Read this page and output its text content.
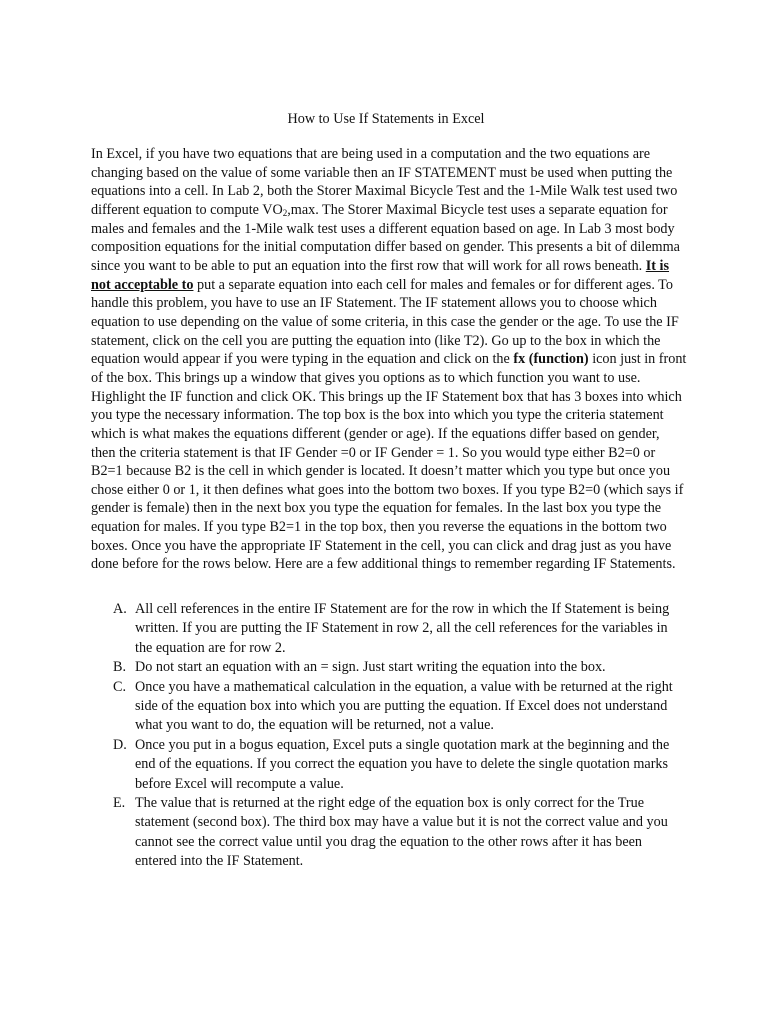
How to Use If Statements in Excel

In Excel, if you have two equations that are being used in a computation and the two equations are changing based on the value of some variable then an IF STATEMENT must be used when putting the equations into a cell. In Lab 2, both the Storer Maximal Bicycle Test and the 1-Mile Walk test used two different equation to compute $VO_2,\max$. The Storer Maximal Bicycle test uses a separate equation for males and females and the 1-Mile walk test uses a different equation based on age. In Lab 3 most body composition equations for the initial computation differ based on gender. This presents a bit of dilemma since you want to be able to put an equation into the first row that will work for all rows beneath. It is not acceptable to put a separate equation into each cell for males and females or for different ages. To handle this problem, you have to use an IF Statement. The IF statement allows you to choose which equation to use depending on the value of some criteria, in this case the gender or the age. To use the IF statement, click on the cell you are putting the equation into (like T2). Go up to the box in which the equation would appear if you were typing in the equation and click on the fx (function) icon just in front of the box. This brings up a window that gives you options as to which function you want to use. Highlight the IF function and click OK. This brings up the IF Statement box that has 3 boxes into which you type the necessary information. The top box is the box into which you type the criteria statement which is what makes the equations different (gender or age). If the equations differ based on gender, then the criteria statement is that IF Gender =0 or IF Gender = 1. So you would type either B2=0 or B2=1 because B2 is the cell in which gender is located. It doesn’t matter which you type but once you chose either 0 or 1, it then defines what goes into the bottom two boxes. If you type B2=0 (which says if gender is female) then in the next box you type the equation for females. In the last box you type the equation for males. If you type B2=1 in the top box, then you reverse the equations in the bottom two boxes. Once you have the appropriate IF Statement in the cell, you can click and drag just as you have done before for the rows below. Here are a few additional things to remember regarding IF Statements.

A. All cell references in the entire IF Statement are for the row in which the If Statement is being written. If you are putting the IF Statement in row 2, all the cell references for the variables in the equation are for row 2.
B. Do not start an equation with an = sign. Just start writing the equation into the box.
C. Once you have a mathematical calculation in the equation, a value with be returned at the right side of the equation box into which you are putting the equation. If Excel does not understand what you want to do, the equation will be returned, not a value.
D. Once you put in a bogus equation, Excel puts a single quotation mark at the beginning and the end of the equations. If you correct the equation you have to delete the single quotation marks before Excel will recompute a value.
E. The value that is returned at the right edge of the equation box is only correct for the True statement (second box). The third box may have a value but it is not the correct value and you cannot see the correct value until you drag the equation to the other rows after it has been entered into the IF Statement.
